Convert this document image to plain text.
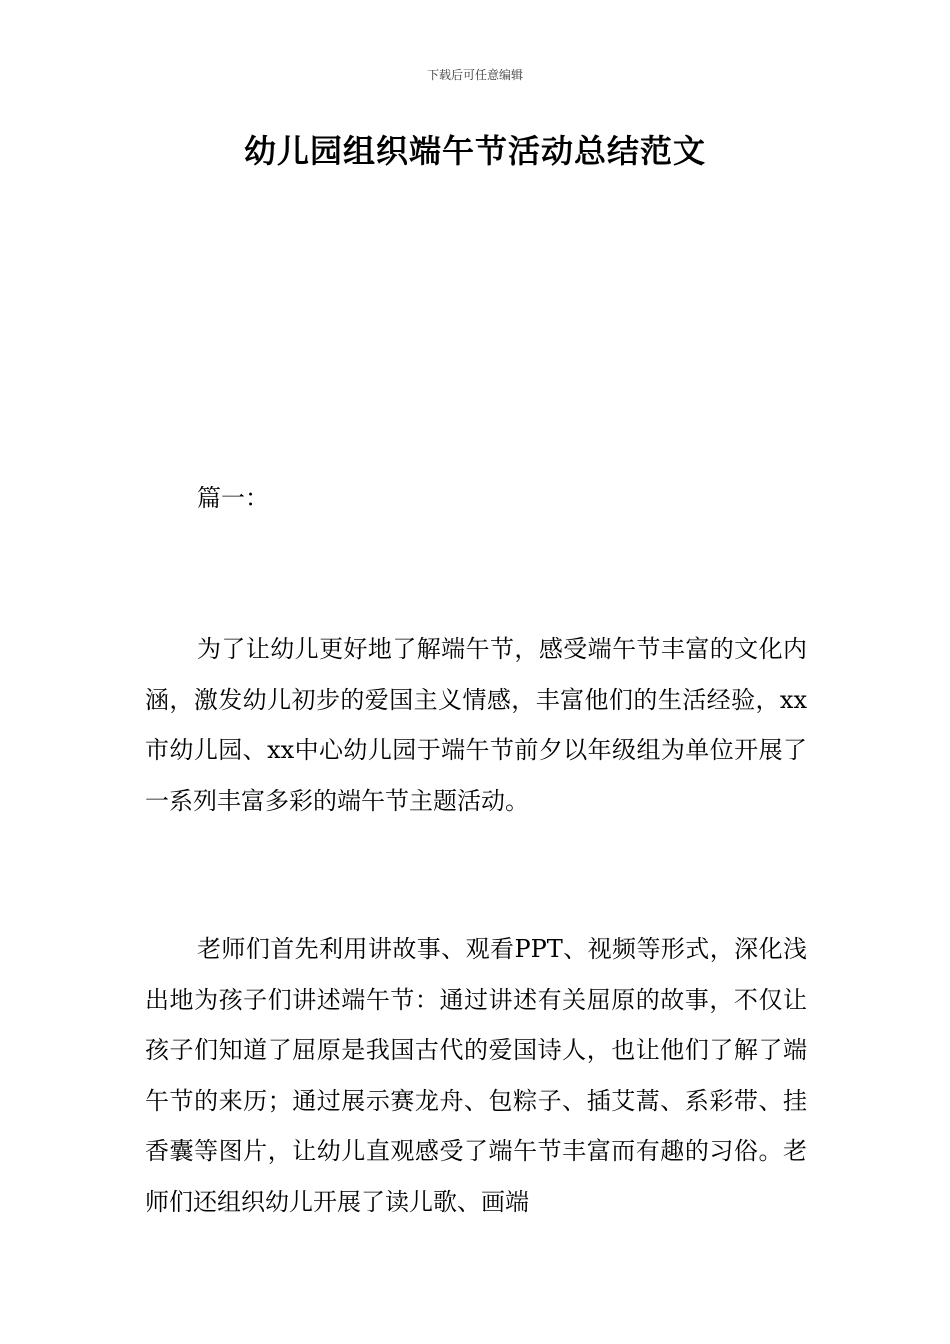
下载后可任意编辑
幼儿园组织端午节活动总结范文
篇一：

为了让幼儿更好地了解端午节，感受端午节丰富的文化内涵，激发幼儿初步的爱国主义情感，丰富他们的生活经验，xx市幼儿园、xx中心幼儿园于端午节前夕以年级组为单位开展了一系列丰富多彩的端午节主题活动。

老师们首先利用讲故事、观看PPT、视频等形式，深化浅出地为孩子们讲述端午节：通过讲述有关屈原的故事，不仅让孩子们知道了屈原是我国古代的爱国诗人，也让他们了解了端午节的来历；通过展示赛龙舟、包粽子、插艾蒿、系彩带、挂香囊等图片，让幼儿直观感受了端午节丰富而有趣的习俗。老师们还组织幼儿开展了读儿歌、画端
